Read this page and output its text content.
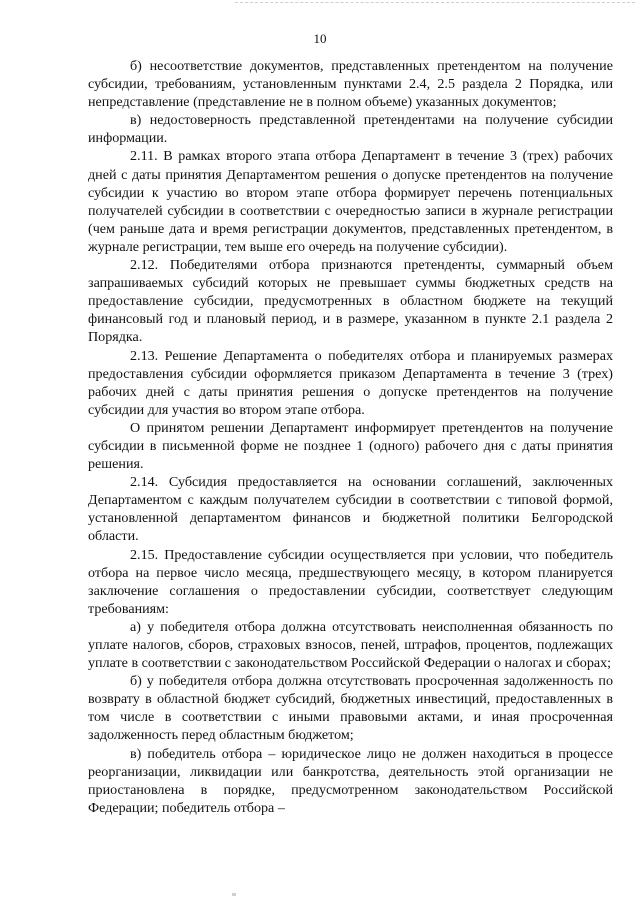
10

б) несоответствие документов, представленных претендентом на получение субсидии, требованиям, установленным пунктами 2.4, 2.5 раздела 2 Порядка, или непредставление (представление не в полном объеме) указанных документов;

в) недостоверность представленной претендентами на получение субсидии информации.

2.11. В рамках второго этапа отбора Департамент в течение 3 (трех) рабочих дней с даты принятия Департаментом решения о допуске претендентов на получение субсидии к участию во втором этапе отбора формирует перечень потенциальных получателей субсидии в соответствии с очередностью записи в журнале регистрации (чем раньше дата и время регистрации документов, представленных претендентом, в журнале регистрации, тем выше его очередь на получение субсидии).

2.12. Победителями отбора признаются претенденты, суммарный объем запрашиваемых субсидий которых не превышает суммы бюджетных средств на предоставление субсидии, предусмотренных в областном бюджете на текущий финансовый год и плановый период, и в размере, указанном в пункте 2.1 раздела 2 Порядка.

2.13. Решение Департамента о победителях отбора и планируемых размерах предоставления субсидии оформляется приказом Департамента в течение 3 (трех) рабочих дней с даты принятия решения о допуске претендентов на получение субсидии для участия во втором этапе отбора.

О принятом решении Департамент информирует претендентов на получение субсидии в письменной форме не позднее 1 (одного) рабочего дня с даты принятия решения.

2.14. Субсидия предоставляется на основании соглашений, заключенных Департаментом с каждым получателем субсидии в соответствии с типовой формой, установленной департаментом финансов и бюджетной политики Белгородской области.

2.15. Предоставление субсидии осуществляется при условии, что победитель отбора на первое число месяца, предшествующего месяцу, в котором планируется заключение соглашения о предоставлении субсидии, соответствует следующим требованиям:

а) у победителя отбора должна отсутствовать неисполненная обязанность по уплате налогов, сборов, страховых взносов, пеней, штрафов, процентов, подлежащих уплате в соответствии с законодательством Российской Федерации о налогах и сборах;

б) у победителя отбора должна отсутствовать просроченная задолженность по возврату в областной бюджет субсидий, бюджетных инвестиций, предоставленных в том числе в соответствии с иными правовыми актами, и иная просроченная задолженность перед областным бюджетом;

в) победитель отбора – юридическое лицо не должен находиться в процессе реорганизации, ликвидации или банкротства, деятельность этой организации не приостановлена в порядке, предусмотренном законодательством Российской Федерации; победитель отбора –
